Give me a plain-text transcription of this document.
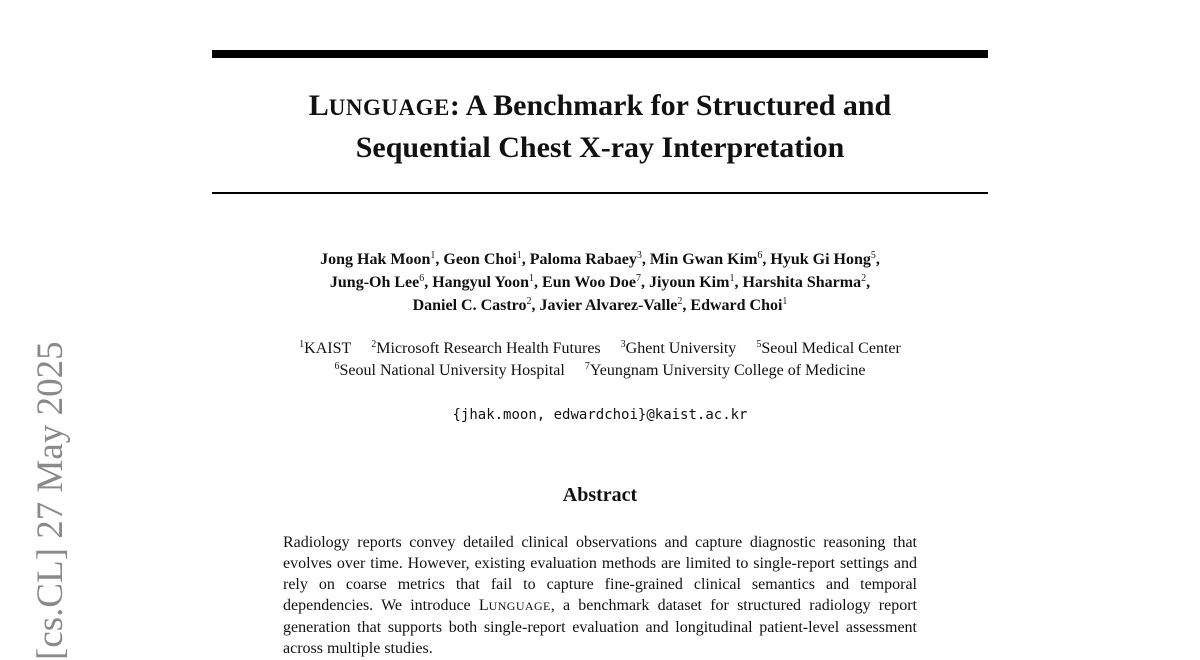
LUNGUAGE: A Benchmark for Structured and
Sequential Chest X-ray Interpretation
Jong Hak Moon$^1$, Geon Choi$^1$, Paloma Rabaey$^3$, Min Gwan Kim$^6$, Hyuk Gi Hong$^5$,
Jung-Oh Lee$^6$, Hangyul Yoon$^1$, Eun Woo Doe$^7$, Jiyoun Kim$^1$, Harshita Sharma$^2$,
Daniel C. Castro$^2$, Javier Alvarez-Valle$^2$, Edward Choi$^1$
$^1$KAIST $^2$Microsoft Research Health Futures $^3$Ghent University $^5$Seoul Medical Center
$^6$Seoul National University Hospital $^7$Yeungnam University College of Medicine
{jhak.moon, edwardchoi}@kaist.ac.kr
Abstract

Radiology reports convey detailed clinical observations and capture diagnostic reasoning that evolves over time. However, existing evaluation methods are limited to single-report settings and rely on coarse metrics that fail to capture fine-grained clinical semantics and temporal dependencies. We introduce LUNGUAGE, a benchmark dataset for structured radiology report generation that supports both single-report evaluation and longitudinal patient-level assessment across multiple studies.

[cs.CL] 27 May 2025
